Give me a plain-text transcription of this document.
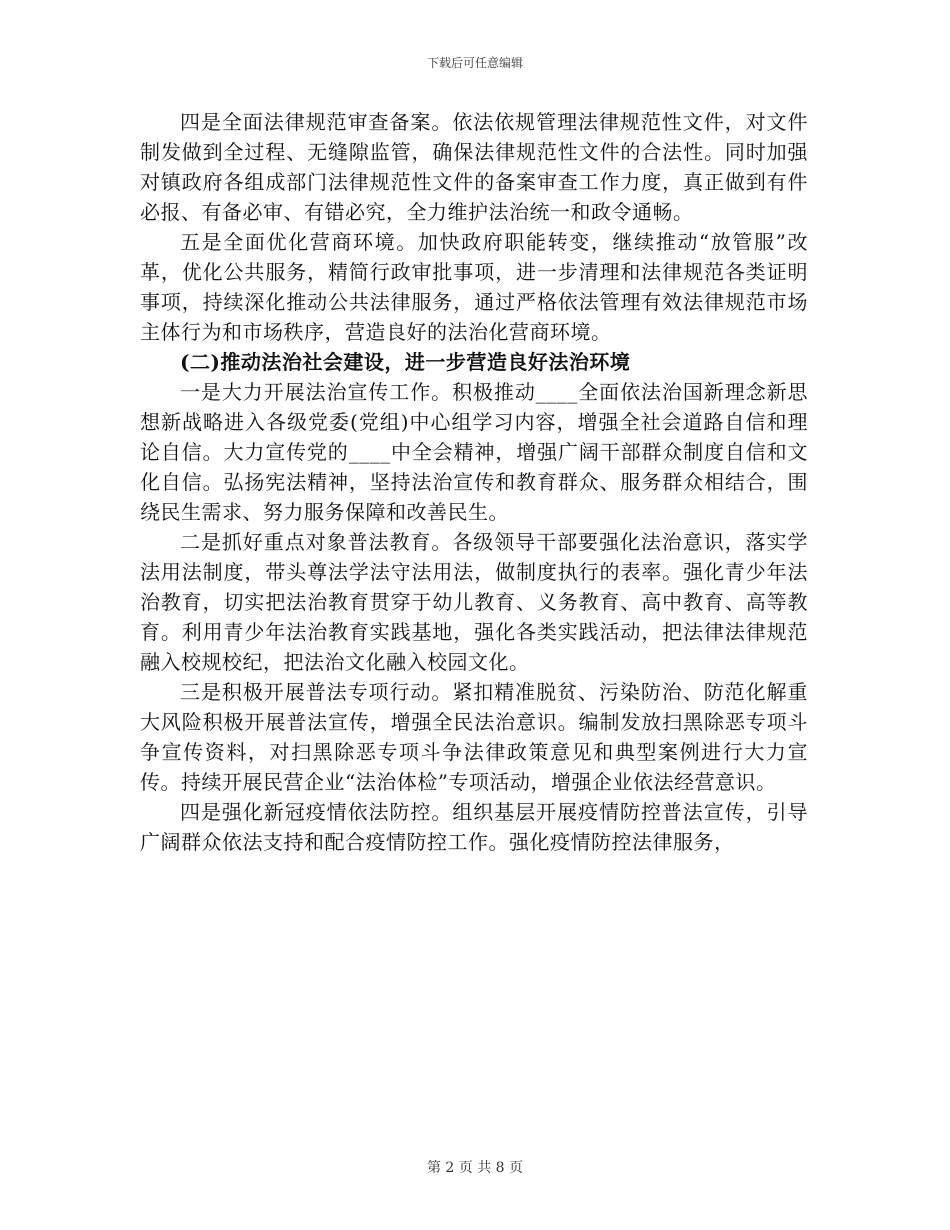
下载后可任意编辑

四是全面法律规范审查备案。依法依规管理法律规范性文件，对文件制发做到全过程、无缝隙监管，确保法律规范性文件的合法性。同时加强对镇政府各组成部门法律规范性文件的备案审查工作力度，真正做到有件必报、有备必审、有错必究，全力维护法治统一和政令通畅。

五是全面优化营商环境。加快政府职能转变，继续推动“放管服”改革，优化公共服务，精简行政审批事项，进一步清理和法律规范各类证明事项，持续深化推动公共法律服务，通过严格依法管理有效法律规范市场主体行为和市场秩序，营造良好的法治化营商环境。

(二)推动法治社会建设，进一步营造良好法治环境

一是大力开展法治宣传工作。积极推动____全面依法治国新理念新思想新战略进入各级党委(党组)中心组学习内容，增强全社会道路自信和理论自信。大力宣传党的____中全会精神，增强广阔干部群众制度自信和文化自信。弘扬宪法精神，坚持法治宣传和教育群众、服务群众相结合，围绕民生需求、努力服务保障和改善民生。

二是抓好重点对象普法教育。各级领导干部要强化法治意识，落实学法用法制度，带头尊法学法守法用法，做制度执行的表率。强化青少年法治教育，切实把法治教育贯穿于幼儿教育、义务教育、高中教育、高等教育。利用青少年法治教育实践基地，强化各类实践活动，把法律法律规范融入校规校纪，把法治文化融入校园文化。

三是积极开展普法专项行动。紧扣精准脱贫、污染防治、防范化解重大风险积极开展普法宣传，增强全民法治意识。编制发放扫黑除恶专项斗争宣传资料，对扫黑除恶专项斗争法律政策意见和典型案例进行大力宣传。持续开展民营企业“法治体检”专项活动，增强企业依法经营意识。

四是强化新冠疫情依法防控。组织基层开展疫情防控普法宣传，引导广阔群众依法支持和配合疫情防控工作。强化疫情防控法律服务，

第 2 页 共 8 页
